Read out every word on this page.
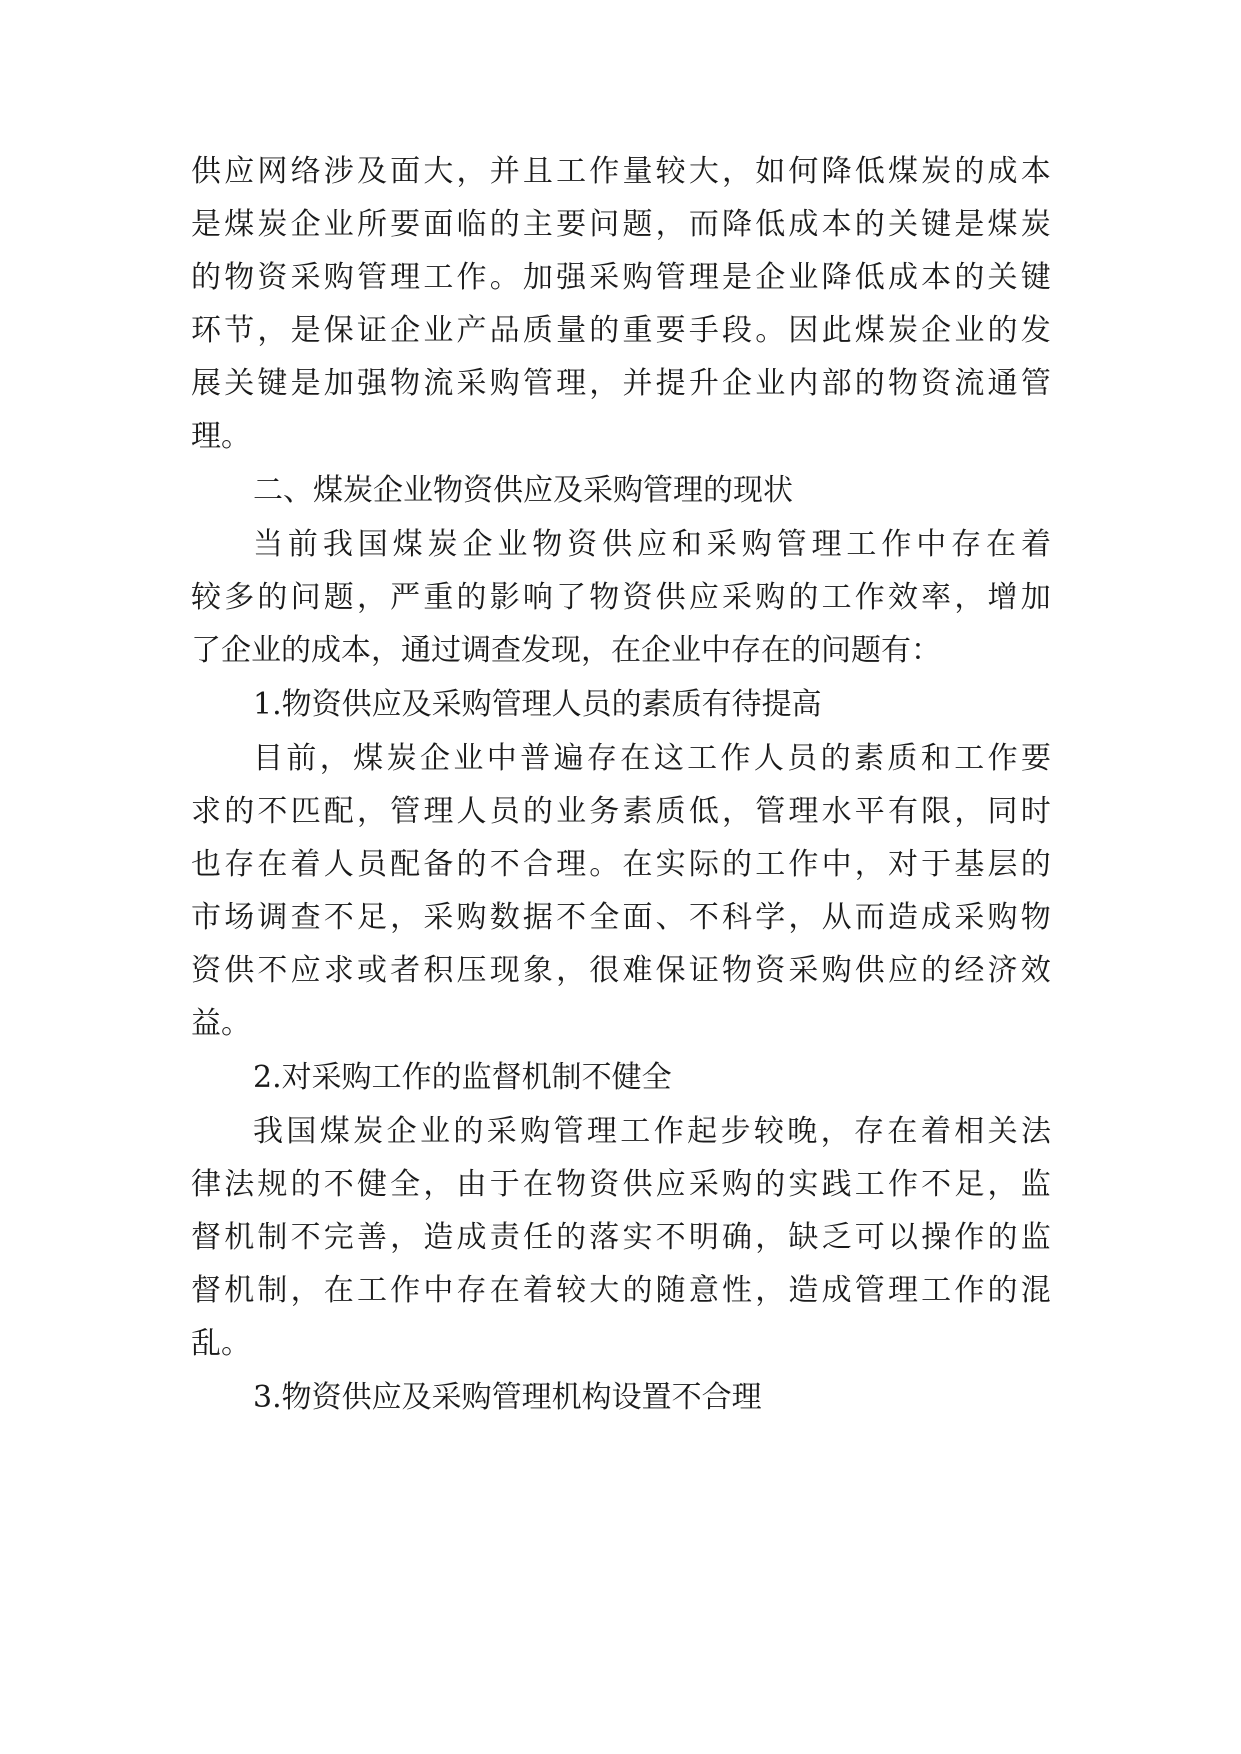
供 应 网 络 涉 及 面 大 ， 并 且 工 作 量 较 大 ， 如 何 降 低 煤 炭 的 成 本
是 煤 炭 企 业 所 要 面 临 的 主 要 问 题 ， 而 降 低 成 本 的 关 键 是 煤 炭
的 物 资 采 购 管 理 工 作 。 加 强 采 购 管 理 是 企 业 降 低 成 本 的 关 键
环 节 ， 是 保 证 企 业 产 品 质 量 的 重 要 手 段 。 因 此 煤 炭 企 业 的 发
展 关 键 是 加 强 物 流 采 购 管 理 ， 并 提 升 企 业 内 部 的 物 资 流 通 管
理。
二、煤炭企业物资供应及采购管理的现状
当 前 我 国 煤 炭 企 业 物 资 供 应 和 采 购 管 理 工 作 中 存 在 着
较 多 的 问 题 ， 严 重 的 影 响 了 物 资 供 应 采 购 的 工 作 效 率 ， 增 加
了企业的成本，通过调查发现，在企业中存在的问题有：
1.物资供应及采购管理人员的素质有待提高
目 前 ， 煤 炭 企 业 中 普 遍 存 在 这 工 作 人 员 的 素 质 和 工 作 要
求 的 不 匹 配 ， 管 理 人 员 的 业 务 素 质 低 ， 管 理 水 平 有 限 ， 同 时
也 存 在 着 人 员 配 备 的 不 合 理 。 在 实 际 的 工 作 中 ， 对 于 基 层 的
市 场 调 查 不 足 ， 采 购 数 据 不 全 面 、 不 科 学 ， 从 而 造 成 采 购 物
资 供 不 应 求 或 者 积 压 现 象 ， 很 难 保 证 物 资 采 购 供 应 的 经 济 效
益。
2.对采购工作的监督机制不健全
我 国 煤 炭 企 业 的 采 购 管 理 工 作 起 步 较 晚 ， 存 在 着 相 关 法
律 法 规 的 不 健 全 ， 由 于 在 物 资 供 应 采 购 的 实 践 工 作 不 足 ， 监
督 机 制 不 完 善 ， 造 成 责 任 的 落 实 不 明 确 ， 缺 乏 可 以 操 作 的 监
督 机 制 ， 在 工 作 中 存 在 着 较 大 的 随 意 性 ， 造 成 管 理 工 作 的 混
乱。
3.物资供应及采购管理机构设置不合理
